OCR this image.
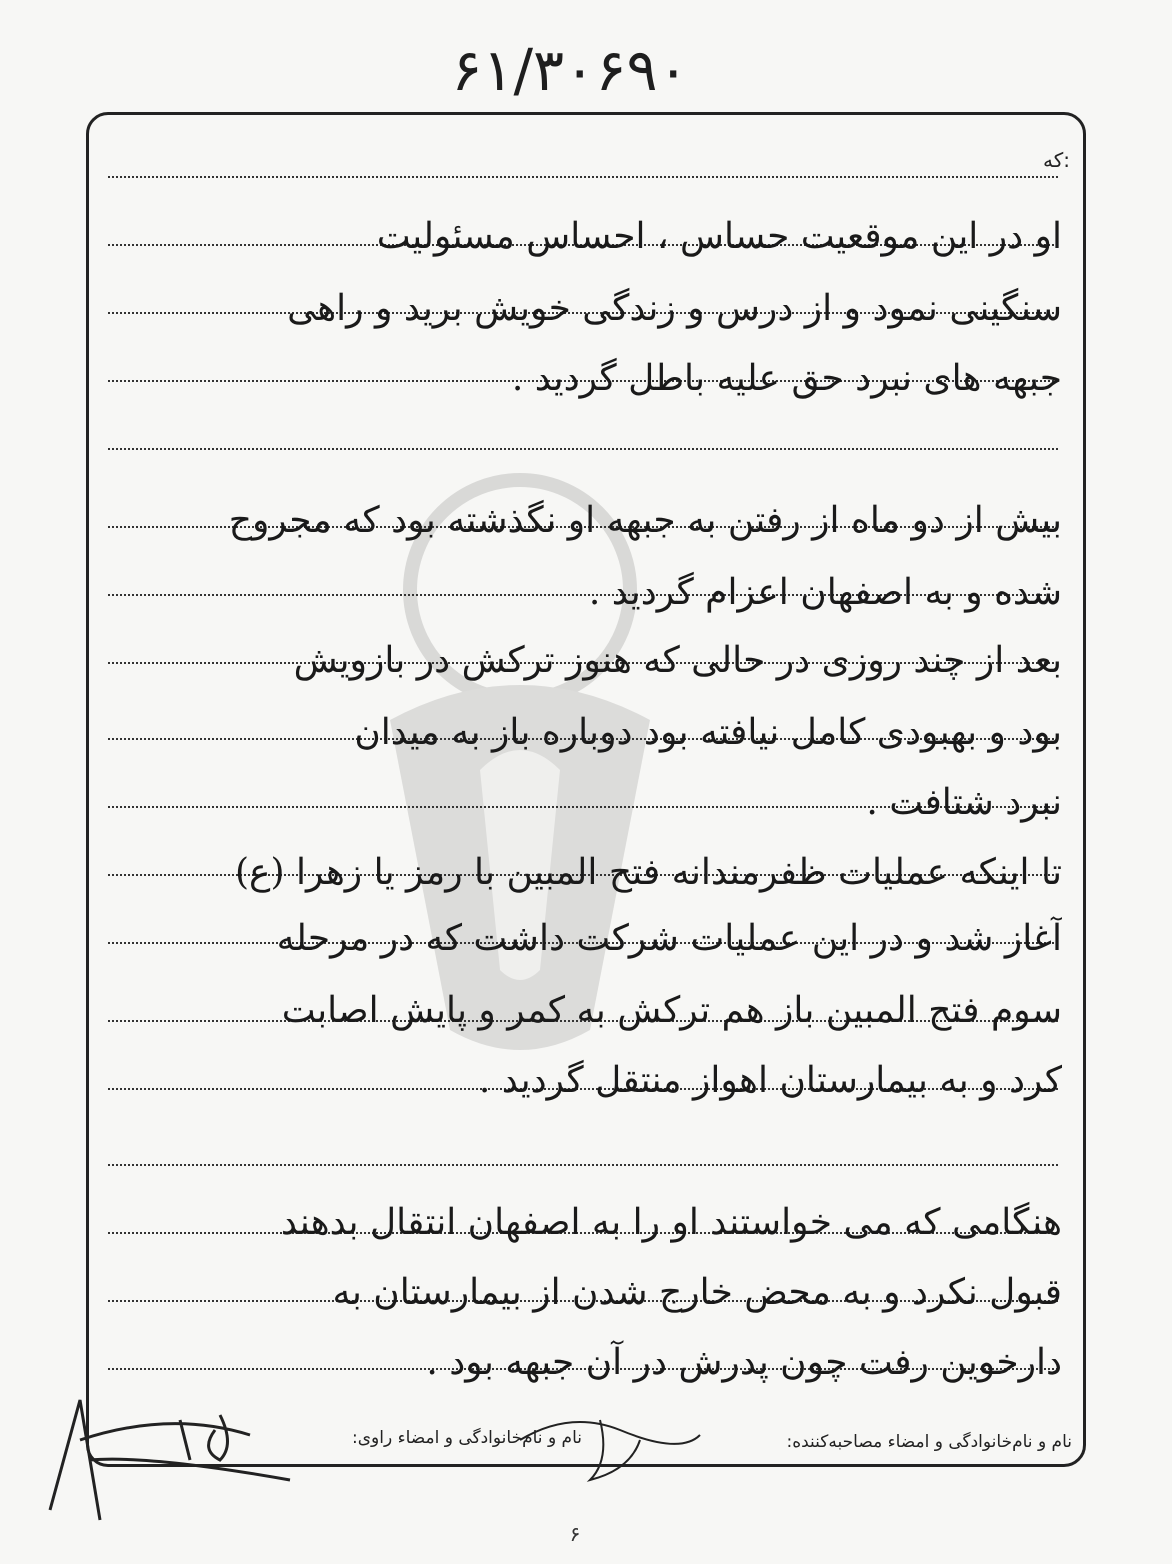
۶۱/۳۰۶۹۰
که:
او در این موقعیت حساس ، احساس مسئولیت
سنگینی نمود و از درس و زندگی خویش برید و راهی
جبهه های نبرد حق علیه باطل گردید .
بیش از دو ماه از رفتن به جبهه او نگذشته بود که مجروح
شده و به اصفهان اعزام گردید .
بعد از چند روزی در حالی که هنوز ترکش در بازویش
بود و بهبودی کامل نیافته بود دوباره باز به میدان
نبرد شتافت .
تا اینکه عملیات ظفرمندانه فتح المبین با رمز یا زهرا (ع)
آغاز شد و در این عملیات شرکت داشت که در مرحله
سوم فتح المبین باز هم ترکش به کمر و پایش اصابت
کرد و به بیمارستان اهواز منتقل گردید .
هنگامی که می خواستند او را به اصفهان انتقال بدهند
قبول نکرد و به محض خارج شدن از بیمارستان به
دارخوین رفت چون پدرش در آن جبهه بود .
نام و نام‌خانوادگی و امضاء مصاحبه‌کننده:
نام و نام‌خانوادگی و امضاء راوی:
۶
